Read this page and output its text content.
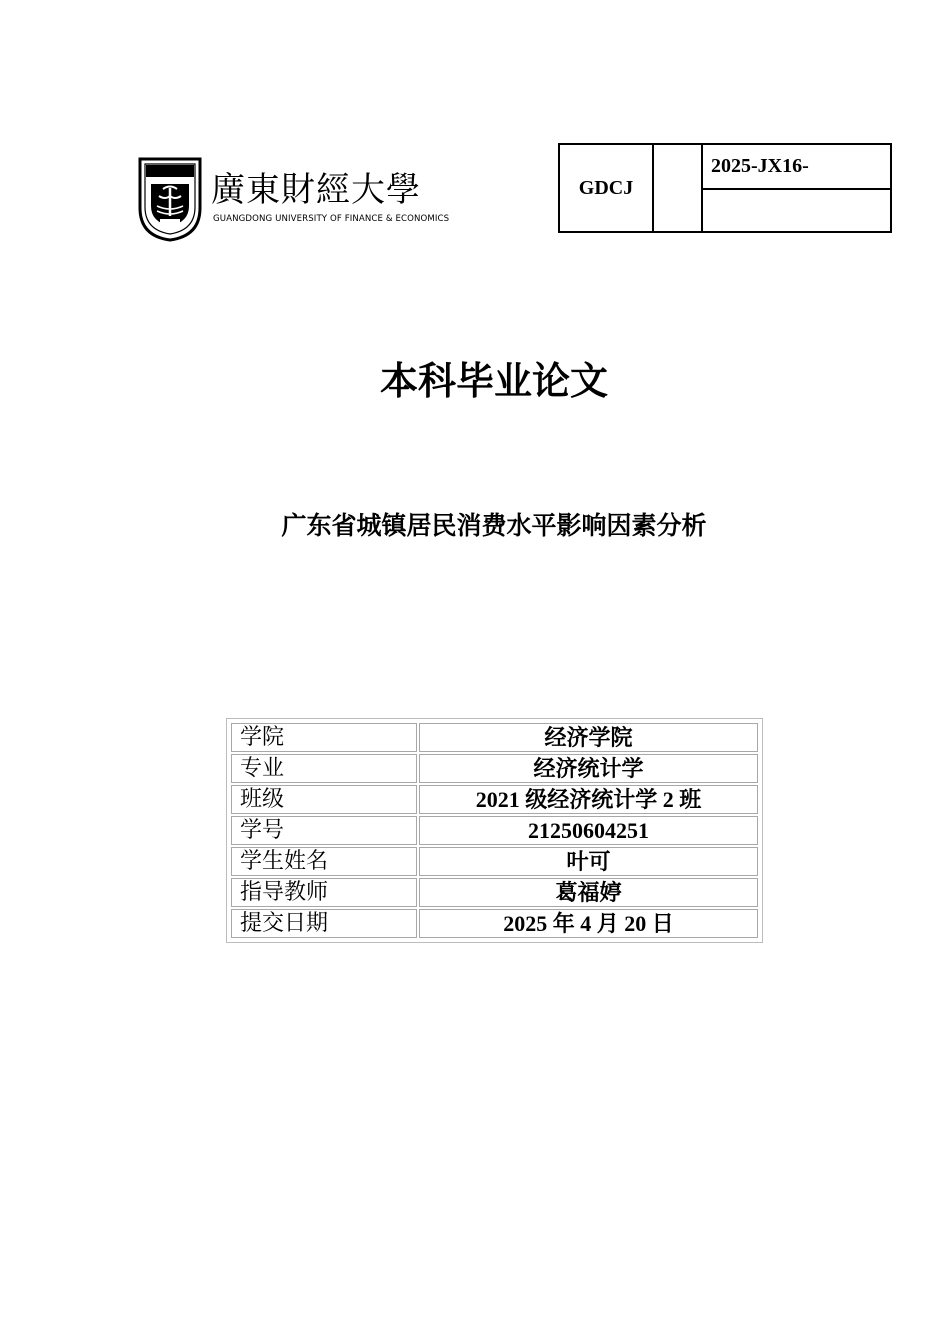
廣東財經大學
GUANGDONG UNIVERSITY OF FINANCE & ECONOMICS
GDCJ		2025-JX16-

本科毕业论文
广东省城镇居民消费水平影响因素分析
学院	经济学院
专业	经济统计学
班级	2021 级经济统计学 2 班
学号	21250604251
学生姓名	叶可
指导教师	葛福婷
提交日期	2025 年 4 月 20 日
